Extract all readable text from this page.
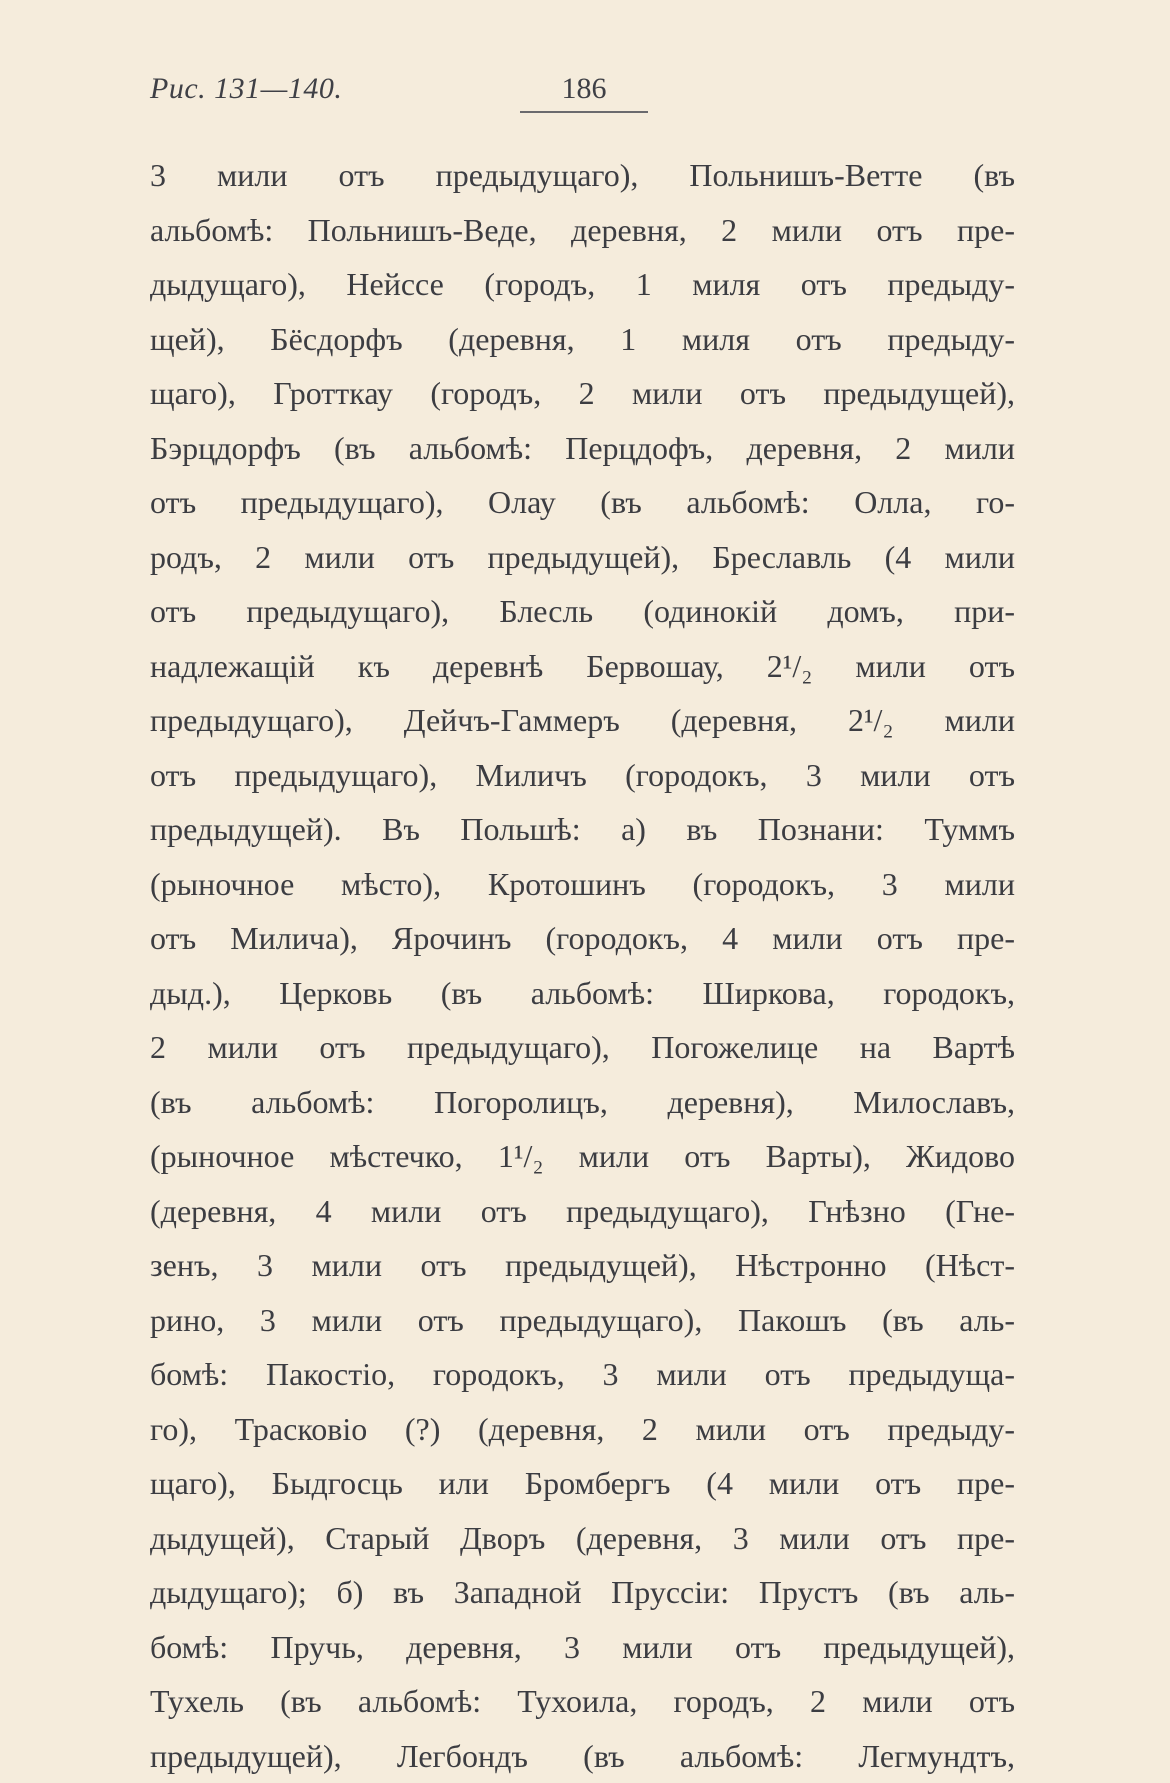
Рис. 131—140.	186
3 мили отъ предыдущаго), Польнишъ-Ветте (въ
альбомѣ: Польнишъ-Веде, деревня, 2 мили отъ пре-
дыдущаго), Нейссе (городъ, 1 миля отъ предыду-
щей), Бёсдорфъ (деревня, 1 миля отъ предыду-
щаго), Гротткау (городъ, 2 мили отъ предыдущей),
Бэрцдорфъ (въ альбомѣ: Перцдофъ, деревня, 2 мили
отъ предыдущаго), Олау (въ альбомѣ: Олла, го-
родъ, 2 мили отъ предыдущей), Бреславль (4 мили
отъ предыдущаго), Блесль (одинокій домъ, при-
надлежащій къ деревнѣ Бервошау, 2¹/₂ мили отъ
предыдущаго), Дейчъ-Гаммеръ (деревня, 2¹/₂ мили
отъ предыдущаго), Миличъ (городокъ, 3 мили отъ
предыдущей). Въ Польшѣ: а) въ Познани: Туммъ
(рыночное мѣсто), Кротошинъ (городокъ, 3 мили
отъ Милича), Ярочинъ (городокъ, 4 мили отъ пре-
дыд.), Церковь (въ альбомѣ: Ширкова, городокъ,
2 мили отъ предыдущаго), Погожелице на Вартѣ
(въ альбомѣ: Погоролицъ, деревня), Милославъ,
(рыночное мѣстечко, 1¹/₂ мили отъ Варты), Жидово
(деревня, 4 мили отъ предыдущаго), Гнѣзно (Гне-
зенъ, 3 мили отъ предыдущей), Нѣстронно (Нѣст-
рино, 3 мили отъ предыдущаго), Пакошъ (въ аль-
бомѣ: Пакостіо, городокъ, 3 мили отъ предыдуща-
го), Трасковіо (?) (деревня, 2 мили отъ предыду-
щаго), Быдгосць или Бромбергъ (4 мили отъ пре-
дыдущей), Старый Дворъ (деревня, 3 мили отъ пре-
дыдущаго); б) въ Западной Пруссіи: Прустъ (въ аль-
бомѣ: Пручь, деревня, 3 мили отъ предыдущей),
Тухель (въ альбомѣ: Тухоила, городъ, 2 мили отъ
предыдущей), Легбондъ (въ альбомѣ: Легмундтъ,
